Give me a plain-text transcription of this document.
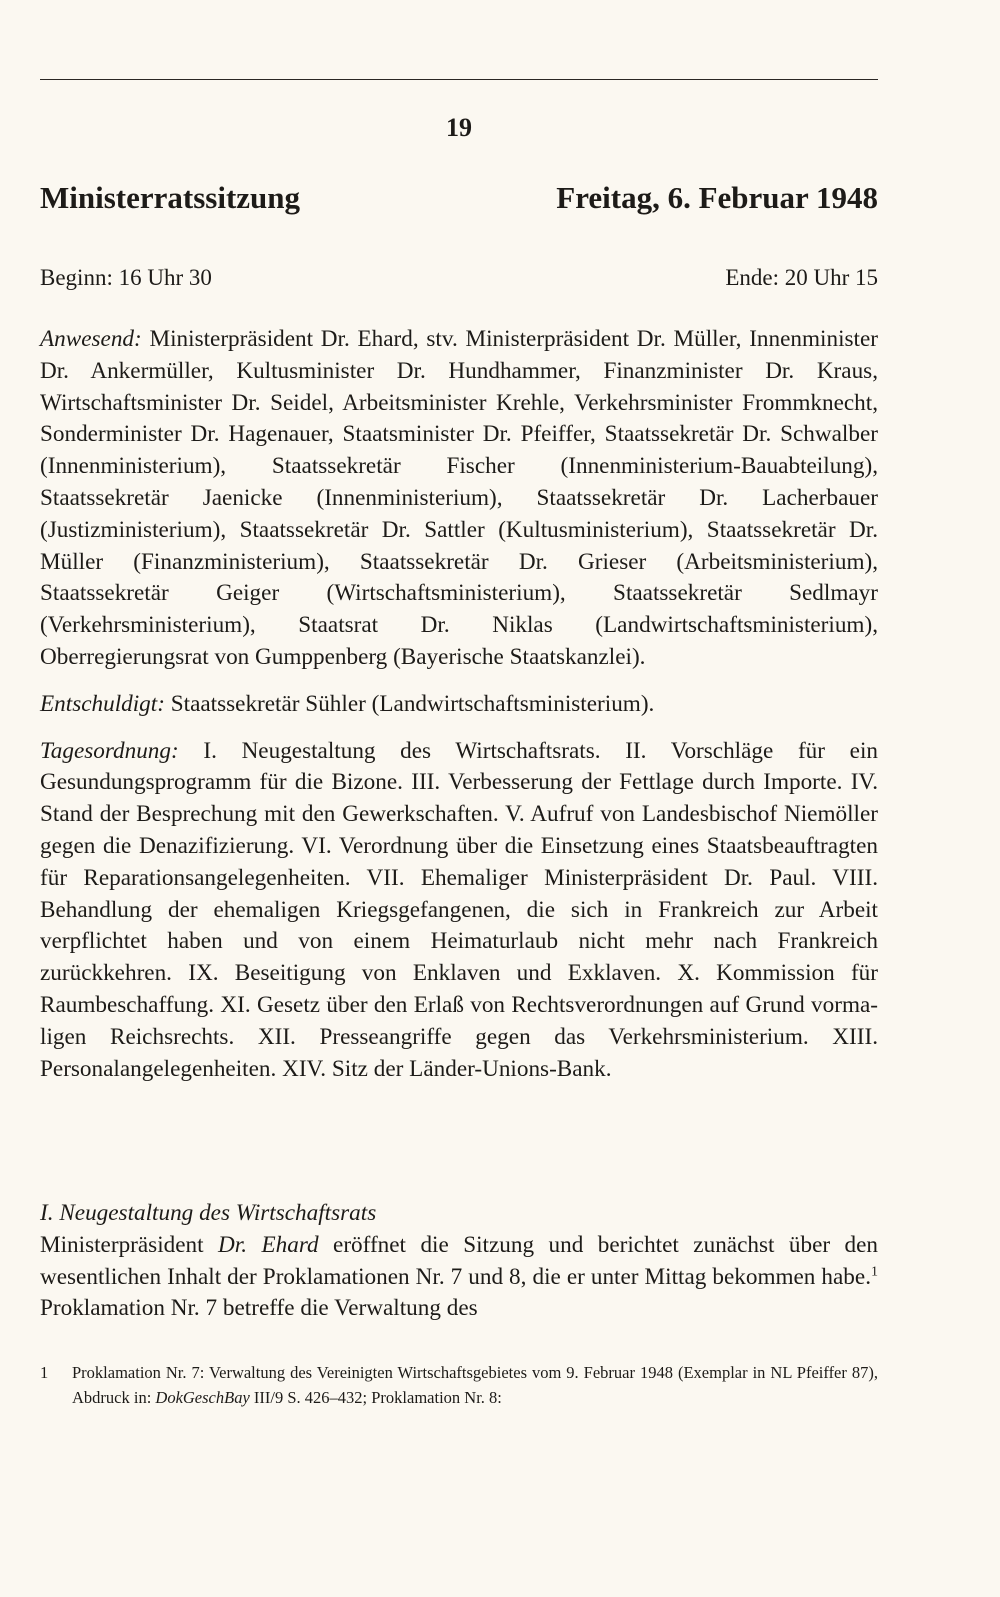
19
Ministerratssitzung	Freitag, 6. Februar 1948
Beginn: 16 Uhr 30	Ende: 20 Uhr 15

Anwesend: Ministerpräsident Dr. Ehard, stv. Ministerpräsident Dr. Müller, Innenminister Dr. Ankermüller, Kultusminister Dr. Hundhammer, Finanzminister Dr. Kraus, Wirtschaftsminister Dr. Seidel, Arbeitsminister Krehle, Verkehrsminister Frommknecht, Sonderminister Dr. Hagenauer, Staatsminister Dr. Pfeiffer, Staatssekretär Dr. Schwalber (Innenministerium), Staatssekretär Fischer (Innenministerium-Bauabteilung), Staatssekretär Jaenicke (Innenministerium), Staatssekretär Dr. Lacherbauer (Justizministerium), Staatssekretär Dr. Sattler (Kultusministerium), Staatssekretär Dr. Müller (Finanzministerium), Staatssekretär Dr. Grieser (Arbeitsministerium), Staatssekretär Geiger (Wirtschaftsministerium), Staatssekretär Sedlmayr (Verkehrsministerium), Staatsrat Dr. Niklas (Landwirtschaftsministerium), Oberregierungsrat von Gumppenberg (Bayerische Staatskanzlei).

Entschuldigt: Staatssekretär Sühler (Landwirtschaftsministerium).

Tagesordnung: I. Neugestaltung des Wirtschaftsrats. II. Vorschläge für ein Gesundungsprogramm für die Bizone. III. Verbesserung der Fettlage durch Importe. IV. Stand der Besprechung mit den Gewerkschaften. V. Aufruf von Landesbischof Niemöller gegen die Denazifizierung. VI. Verordnung über die Einsetzung eines Staatsbeauftragten für Reparationsangelegenheiten. VII. Ehemaliger Ministerpräsident Dr. Paul. VIII. Behandlung der ehemaligen Kriegsgefangenen, die sich in Frankreich zur Arbeit verpflichtet haben und von einem Heimaturlaub nicht mehr nach Frankreich zurückkehren. IX. Beseitigung von Enklaven und Exklaven. X. Kommission für Raumbeschaffung. XI. Gesetz über den Erlaß von Rechtsverordnungen auf Grund vormaligen Reichsrechts. XII. Presseangriffe gegen das Verkehrsministerium. XIII. Personalangelegenheiten. XIV. Sitz der Länder-Unions-Bank.

I. Neugestaltung des Wirtschaftsrats

Ministerpräsident Dr. Ehard eröffnet die Sitzung und berichtet zunächst über den wesentlichen Inhalt der Proklamationen Nr. 7 und 8, die er unter Mittag bekommen habe.$^1$ Proklamation Nr. 7 betreffe die Verwaltung des

1	Proklamation Nr. 7: Verwaltung des Vereinigten Wirtschaftsgebietes vom 9. Februar 1948 (Exemplar in NL Pfeiffer 87), Abdruck in: DokGeschBay III/9 S. 426–432; Proklamation Nr. 8:
